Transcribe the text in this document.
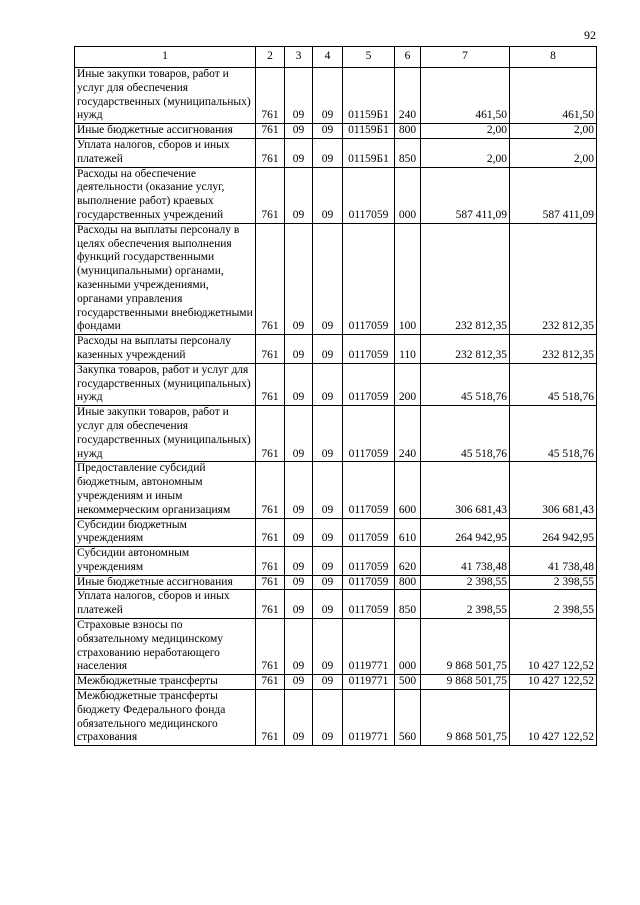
92
1	2	3	4	5	6	7	8
Иные закупки товаров, работ и услуг для обеспечения государственных (муниципальных) нужд	761	09	09	01159Б1	240	461,50	461,50
Иные бюджетные ассигнования	761	09	09	01159Б1	800	2,00	2,00
Уплата налогов, сборов и иных платежей	761	09	09	01159Б1	850	2,00	2,00
Расходы на обеспечение деятельности (оказание услуг, выполнение работ) краевых государственных учреждений	761	09	09	0117059	000	587 411,09	587 411,09
Расходы на выплаты персоналу в целях обеспечения выполнения функций государственными (муниципальными) органами, казенными учреждениями, органами управления государственными внебюджетными фондами	761	09	09	0117059	100	232 812,35	232 812,35
Расходы на выплаты персоналу казенных учреждений	761	09	09	0117059	110	232 812,35	232 812,35
Закупка товаров, работ и услуг для государственных (муниципальных) нужд	761	09	09	0117059	200	45 518,76	45 518,76
Иные закупки товаров, работ и услуг для обеспечения государственных (муниципальных) нужд	761	09	09	0117059	240	45 518,76	45 518,76
Предоставление субсидий бюджетным, автономным учреждениям и иным некоммерческим организациям	761	09	09	0117059	600	306 681,43	306 681,43
Субсидии бюджетным учреждениям	761	09	09	0117059	610	264 942,95	264 942,95
Субсидии автономным учреждениям	761	09	09	0117059	620	41 738,48	41 738,48
Иные бюджетные ассигнования	761	09	09	0117059	800	2 398,55	2 398,55
Уплата налогов, сборов и иных платежей	761	09	09	0117059	850	2 398,55	2 398,55
Страховые взносы по обязательному медицинскому страхованию неработающего населения	761	09	09	0119771	000	9 868 501,75	10 427 122,52
Межбюджетные трансферты	761	09	09	0119771	500	9 868 501,75	10 427 122,52
Межбюджетные трансферты бюджету Федерального фонда обязательного медицинского страхования	761	09	09	0119771	560	9 868 501,75	10 427 122,52
